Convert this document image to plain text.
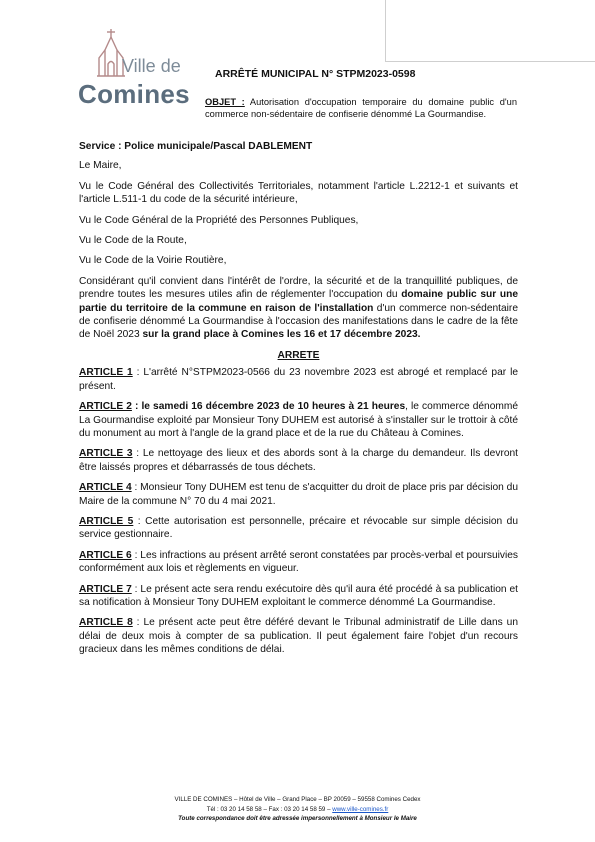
Ville de
Comines
ARRÊTÉ MUNICIPAL N° STPM2023-0598
OBJET : Autorisation d'occupation temporaire du domaine public d'un commerce non-sédentaire de confiserie dénommé La Gourmandise.

Service : Police municipale/Pascal DABLEMENT

Le Maire,

Vu le Code Général des Collectivités Territoriales, notamment l'article L.2212-1 et suivants et l'article L.511-1 du code de la sécurité intérieure,

Vu le Code Général de la Propriété des Personnes Publiques,

Vu le Code de la Route,

Vu le Code de la Voirie Routière,

Considérant qu'il convient dans l'intérêt de l'ordre, la sécurité et de la tranquillité publiques, de prendre toutes les mesures utiles afin de réglementer l'occupation du domaine public sur une partie du territoire de la commune en raison de l'installation d'un commerce non-sédentaire de confiserie dénommé La Gourmandise à l'occasion des manifestations dans le cadre de la fête de Noël 2023 sur la grand place à Comines les 16 et 17 décembre 2023.

ARRETE

ARTICLE 1 : L'arrêté N°STPM2023-0566 du 23 novembre 2023 est abrogé et remplacé par le présent.

ARTICLE 2 : le samedi 16 décembre 2023 de 10 heures à 21 heures, le commerce dénommé La Gourmandise exploité par Monsieur Tony DUHEM est autorisé à s'installer sur le trottoir à côté du monument au mort à l'angle de la grand place et de la rue du Château à Comines.

ARTICLE 3 : Le nettoyage des lieux et des abords sont à la charge du demandeur. Ils devront être laissés propres et débarrassés de tous déchets.

ARTICLE 4 : Monsieur Tony DUHEM est tenu de s'acquitter du droit de place pris par décision du Maire de la commune N° 70 du 4 mai 2021.

ARTICLE 5 : Cette autorisation est personnelle, précaire et révocable sur simple décision du service gestionnaire.

ARTICLE 6 : Les infractions au présent arrêté seront constatées par procès-verbal et poursuivies conformément aux lois et règlements en vigueur.

ARTICLE 7 : Le présent acte sera rendu exécutoire dès qu'il aura été procédé à sa publication et sa notification à Monsieur Tony DUHEM exploitant le commerce dénommé La Gourmandise.

ARTICLE 8 : Le présent acte peut être déféré devant le Tribunal administratif de Lille dans un délai de deux mois à compter de sa publication. Il peut également faire l'objet d'un recours gracieux dans les mêmes conditions de délai.

VILLE DE COMINES – Hôtel de Ville – Grand Place – BP 20059 – 59558 Comines Cedex
Tél : 03 20 14 58 58 – Fax : 03 20 14 58 59 – www.ville-comines.fr
Toute correspondance doit être adressée impersonnellement à Monsieur le Maire
